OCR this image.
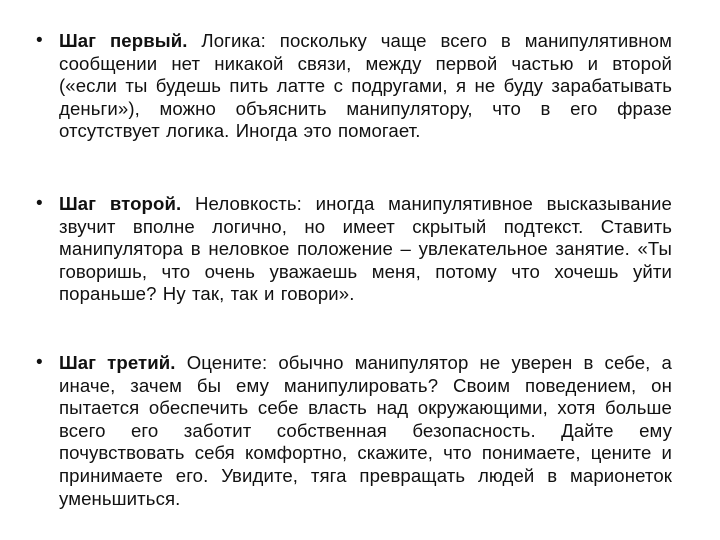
• Шаг первый. Логика: поскольку чаще всего в манипулятивном сообщении нет никакой связи, между первой частью и второй («если ты будешь пить латте с подругами, я не буду зарабатывать деньги»), можно объяснить манипулятору, что в его фразе отсутствует логика. Иногда это помогает.

• Шаг второй. Неловкость: иногда манипулятивное высказывание звучит вполне логично, но имеет скрытый подтекст. Ставить манипулятора в неловкое положение – увлекательное занятие. «Ты говоришь, что очень уважаешь меня, потому что хочешь уйти пораньше? Ну так, так и говори».

• Шаг третий. Оцените: обычно манипулятор не уверен в себе, а иначе, зачем бы ему манипулировать? Своим поведением, он пытается обеспечить себе власть над окружающими, хотя больше всего его заботит собственная безопасность. Дайте ему почувствовать себя комфортно, скажите, что понимаете, цените и принимаете его. Увидите, тяга превращать людей в марионеток уменьшиться.
